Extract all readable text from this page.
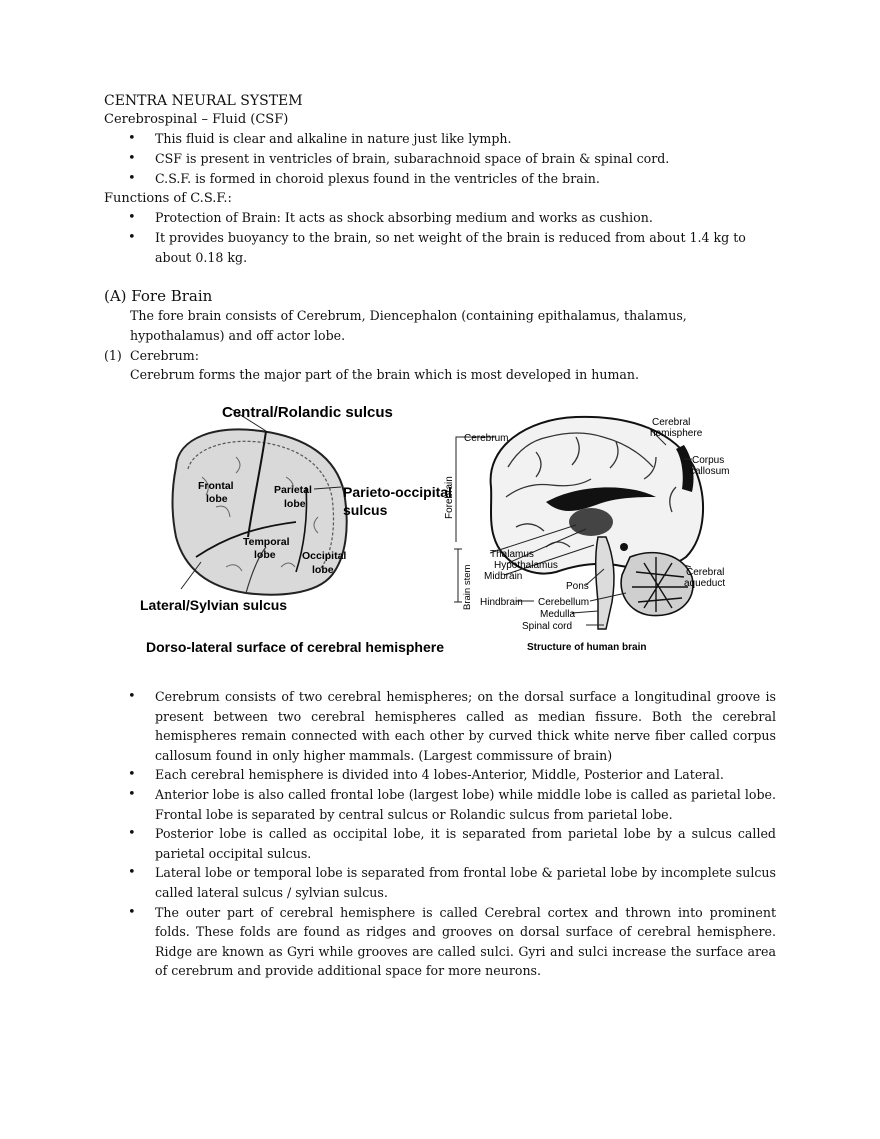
CENTRA NEURAL SYSTEM

Cerebrospinal – Fluid (CSF)

• This fluid is clear and alkaline in nature just like lymph.
• CSF is present in ventricles of brain, subarachnoid space of brain & spinal cord.
• C.S.F. is formed in choroid plexus found in the ventricles of the brain.

Functions of C.S.F.:

• Protection of Brain: It acts as shock absorbing medium and works as cushion.
• It provides buoyancy to the brain, so net weight of the brain is reduced from about 1.4 kg to about 0.18 kg.

(A) Fore Brain

The fore brain consists of Cerebrum, Diencephalon (containing epithalamus, thalamus, hypothalamus) and off actor lobe.

(1) Cerebrum:

Cerebrum forms the major part of the brain which is most developed in human.

Central/Rolandic sulcus
Frontal
lobe
Parietal
lobe
Parieto-occipital
sulcus
Temporal
lobe	Occipital
lobe
Lateral/Sylvian sulcus
Dorso-lateral surface of cerebral hemisphere
Cerebrum
Forebrain
Cerebral
hemisphere
Corpus
callosum
Thalamus
Hypothalamus
Midbrain
Pons
Brain stem Hindbrain Cerebellum
Medulla
Spinal cord
Cerebral
aqueduct
Structure of human brain
• Cerebrum consists of two cerebral hemispheres; on the dorsal surface a longitudinal groove is present between two cerebral hemispheres called as median fissure. Both the cerebral hemispheres remain connected with each other by curved thick white nerve fiber called corpus callosum found in only higher mammals. (Largest commissure of brain)
• Each cerebral hemisphere is divided into 4 lobes-Anterior, Middle, Posterior and Lateral.
• Anterior lobe is also called frontal lobe (largest lobe) while middle lobe is called as parietal lobe. Frontal lobe is separated by central sulcus or Rolandic sulcus from parietal lobe.
• Posterior lobe is called as occipital lobe, it is separated from parietal lobe by a sulcus called parietal occipital sulcus.
• Lateral lobe or temporal lobe is separated from frontal lobe & parietal lobe by incomplete sulcus called lateral sulcus / sylvian sulcus.
• The outer part of cerebral hemisphere is called Cerebral cortex and thrown into prominent folds. These folds are found as ridges and grooves on dorsal surface of cerebral hemisphere. Ridge are known as Gyri while grooves are called sulci. Gyri and sulci increase the surface area of cerebrum and provide additional space for more neurons.
